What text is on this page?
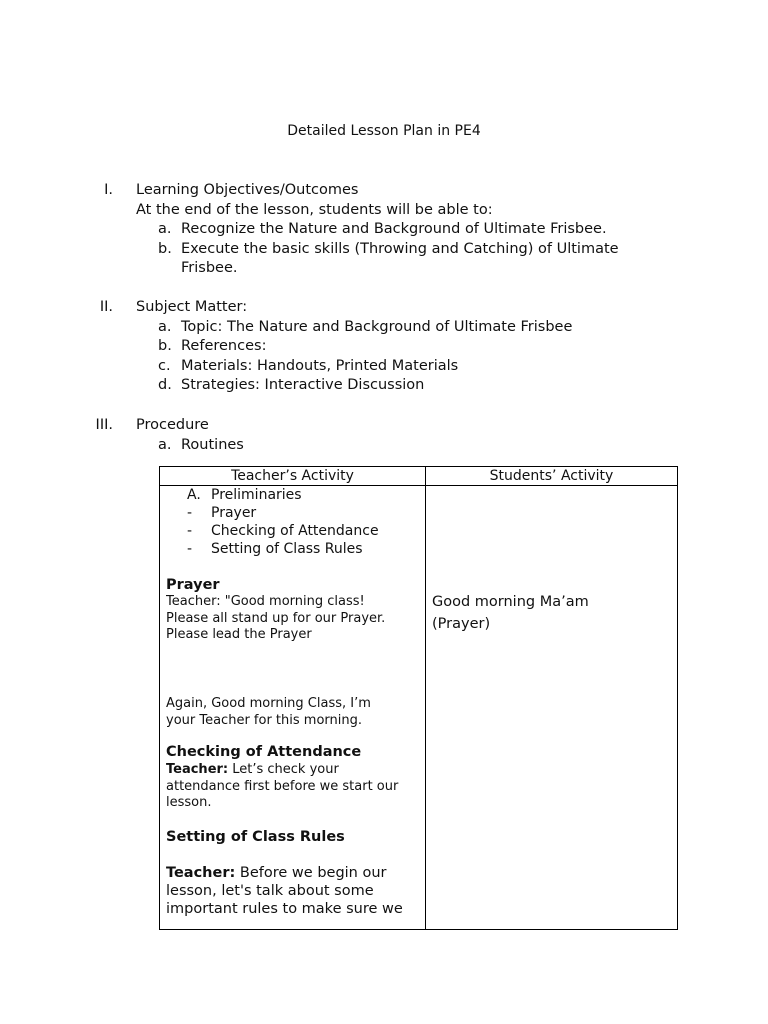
Detailed Lesson Plan in PE4
I. Learning Objectives/Outcomes
At the end of the lesson, students will be able to:
a. Recognize the Nature and Background of Ultimate Frisbee.
b. Execute the basic skills (Throwing and Catching) of Ultimate
Frisbee.
II. Subject Matter:
a. Topic: The Nature and Background of Ultimate Frisbee
b. References:
c. Materials: Handouts, Printed Materials
d. Strategies: Interactive Discussion
III. Procedure
a. Routines
Teacher’s Activity	Students’ Activity
A. Preliminaries
- Prayer
- Checking of Attendance
- Setting of Class Rules
Prayer
Teacher: "Good morning class!
Please all stand up for our Prayer.
Please lead the Prayer
Again, Good morning Class, I’m
your Teacher for this morning.
Checking of Attendance
Teacher: Let’s check your
attendance first before we start our
lesson.
Setting of Class Rules
Teacher: Before we begin our
lesson, let's talk about some
important rules to make sure we
Good morning Ma’am
(Prayer)
